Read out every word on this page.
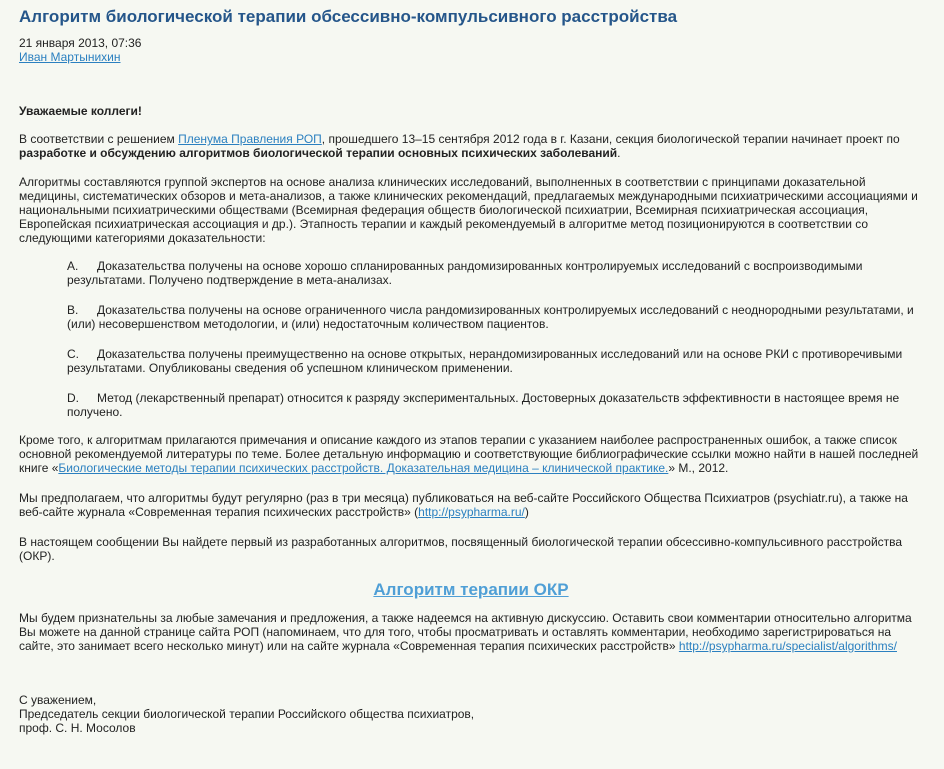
Алгоритм биологической терапии обсессивно-компульсивного расстройства
21 января 2013, 07:36
Иван Мартынихин

Уважаемые коллеги!

В соответствии с решением Пленума Правления РОП, прошедшего 13–15 сентября 2012 года в г. Казани, секция биологической терапии начинает проект по разработке и обсуждению алгоритмов биологической терапии основных психических заболеваний.

Алгоритмы составляются группой экспертов на основе анализа клинических исследований, выполненных в соответствии с принципами доказательной медицины, систематических обзоров и мета-анализов, а также клинических рекомендаций, предлагаемых международными психиатрическими ассоциациями и национальными психиатрическими обществами (Всемирная федерация обществ биологической психиатрии, Всемирная психиатрическая ассоциация, Европейская психиатрическая ассоциация и др.). Этапность терапии и каждый рекомендуемый в алгоритме метод позиционируются в соответствии со следующими категориями доказательности:

A. Доказательства получены на основе хорошо спланированных рандомизированных контролируемых исследований с воспроизводимыми результатами. Получено подтверждение в мета-анализах.
B. Доказательства получены на основе ограниченного числа рандомизированных контролируемых исследований с неоднородными результатами, и (или) несовершенством методологии, и (или) недостаточным количеством пациентов.
C. Доказательства получены преимущественно на основе открытых, нерандомизированных исследований или на основе РКИ с противоречивыми результатами. Опубликованы сведения об успешном клиническом применении.
D. Метод (лекарственный препарат) относится к разряду экспериментальных. Достоверных доказательств эффективности в настоящее время не получено.

Кроме того, к алгоритмам прилагаются примечания и описание каждого из этапов терапии с указанием наиболее распространенных ошибок, а также список основной рекомендуемой литературы по теме. Более детальную информацию и соответствующие библиографические ссылки можно найти в нашей последней книге «Биологические методы терапии психических расстройств. Доказательная медицина – клинической практике.» М., 2012.

Мы предполагаем, что алгоритмы будут регулярно (раз в три месяца) публиковаться на веб-сайте Российского Общества Психиатров (psychiatr.ru), а также на веб-сайте журнала «Современная терапия психических расстройств» (http://psypharma.ru/)

В настоящем сообщении Вы найдете первый из разработанных алгоритмов, посвященный биологической терапии обсессивно-компульсивного расстройства (ОКР).

Алгоритм терапии ОКР

Мы будем признательны за любые замечания и предложения, а также надеемся на активную дискуссию. Оставить свои комментарии относительно алгоритма Вы можете на данной странице сайта РОП (напоминаем, что для того, чтобы просматривать и оставлять комментарии, необходимо зарегистрироваться на сайте, это занимает всего несколько минут) или на сайте журнала «Современная терапия психических расстройств» http://psypharma.ru/specialist/algorithms/

С уважением,
Председатель секции биологической терапии Российского общества психиатров,
проф. С. Н. Мосолов
